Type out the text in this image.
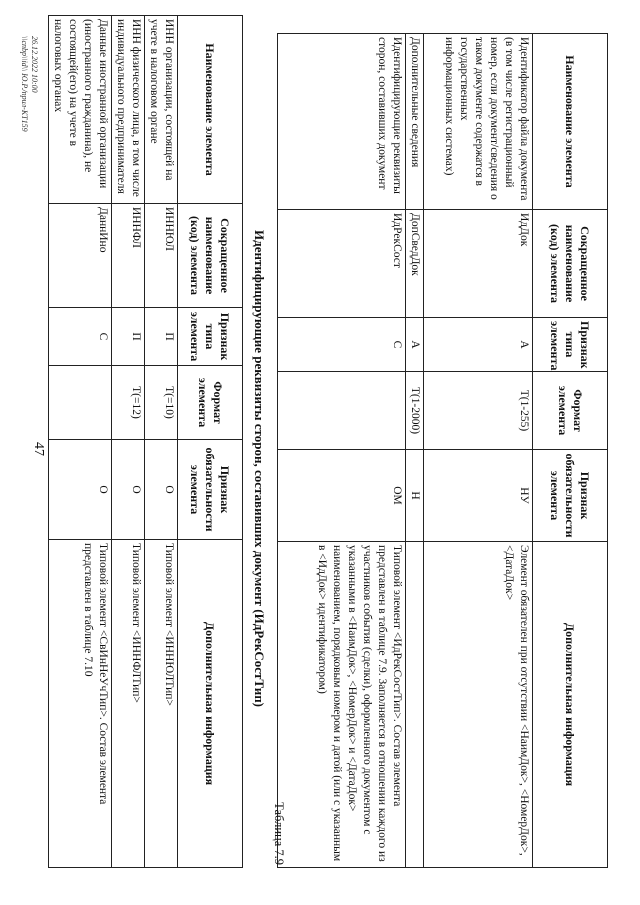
47
Наименование элемента	Сокращенное наименование (код) элемента	Признак типа элемента	Формат элемента	Признак обязательности элемента	Дополнительная информация
Идентификатор файла документа (в том числе регистрационный номер, если документ/сведения о таком документе содержатся в государственных информационных системах)	ИдДок	А	T(1-255)	НУ	Элемент обязателен при отсутствии <НаимДок>, <НомерДок>, <ДатаДок>
Дополнительные сведения	ДопСведДок	А	T(1-2000)	Н	
Идентифицирующие реквизиты сторон, составивших документ	ИдРекСост	С		ОМ	Типовой элемент <ИдРекСостТип>. Состав элемента представлен в таблице 7.9. Заполняется в отношении каждого из участников события (сделки), оформленного документом с указанными в <НаимДок>, <НомерДок> и <ДатаДок> наименованием, порядковым номером и датой (или с указанным в <ИдДок> идентификатором)
Таблица 7.9
Идентифицирующие реквизиты сторон, составивших документ (ИдРекСостТип)
Наименование элемента	Сокращенное наименование (код) элемента	Признак типа элемента	Формат элемента	Признак обязательности элемента	Дополнительная информация
ИНН организации, состоящей на учете в налоговом органе	ИННЮЛ	П	T(=10)	О	Типовой элемент <ИННЮЛТип>
ИНН физического лица, в том числе индивидуального предпринимателя	ИННФЛ	П	T(=12)	О	Типовой элемент <ИННФЛТип>
Данные иностранной организации (иностранного гражданина), не состоящей(его) на учете в налоговых органах	ДаннИно	С		О	Типовой элемент <СвИнНеУчТип>. Состав элемента представлен в таблице 7.10
26.12.2022 10:00
\\cnbp\\id\\ Ю.Р./прил-КТ159
